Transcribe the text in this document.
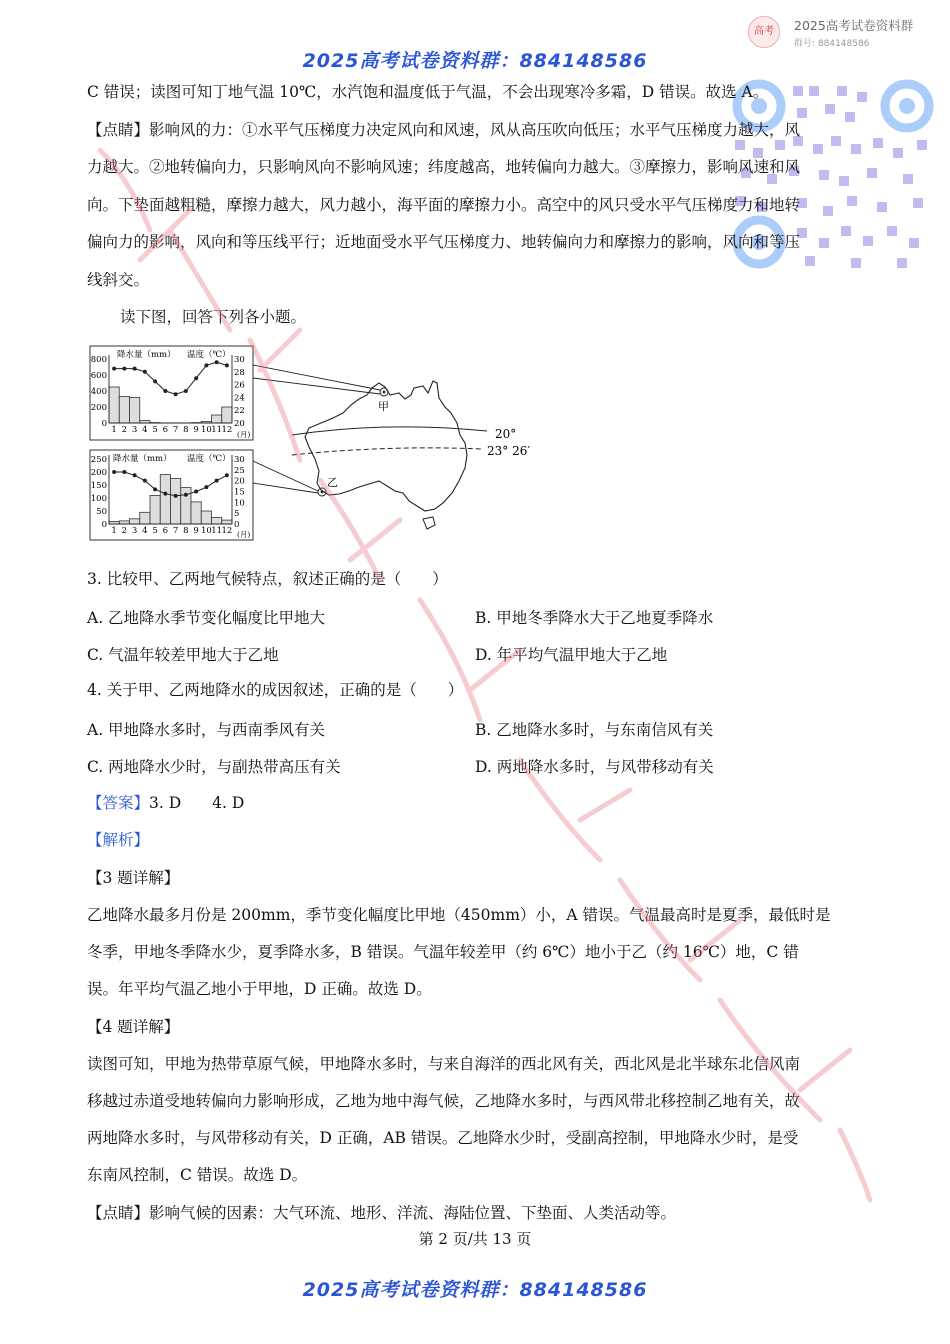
2025高考试卷资料群：884148586
高考	2025高考试卷资料群
群号: 884148586
C 错误；读图可知丁地气温 10℃，水汽饱和温度低于气温，不会出现寒冷多霜，D 错误。故选 A。
【点睛】影响风的力：①水平气压梯度力决定风向和风速，风从高压吹向低压；水平气压梯度力越大，风
力越大。②地转偏向力，只影响风向不影响风速；纬度越高，地转偏向力越大。③摩擦力，影响风速和风
向。下垫面越粗糙，摩擦力越大，风力越小，海平面的摩擦力小。高空中的风只受水平气压梯度力和地转
偏向力的影响，风向和等压线平行；近地面受水平气压梯度力、地转偏向力和摩擦力的影响，风向和等压
线斜交。
读下图，回答下列各小题。
降水量（mm） 温度（℃）
800
600
400
200
0
30
28
26
24
22
20
1 2 3 4 5 6 7 8 9 10 11 12 (月)
降水量（mm） 温度（℃）
250
200
150
100
50
0
30
25
20
15
10
5
0
1 2 3 4 5 6 7 8 9 10 11 12 (月)
甲
乙
20°
23° 26′
3. 比较甲、乙两地气候特点，叙述正确的是（　　）
A. 乙地降水季节变化幅度比甲地大	B. 甲地冬季降水大于乙地夏季降水
C. 气温年较差甲地大于乙地	D. 年平均气温甲地大于乙地
4. 关于甲、乙两地降水的成因叙述，正确的是（　　）
A. 甲地降水多时，与西南季风有关	B. 乙地降水多时，与东南信风有关
C. 两地降水少时，与副热带高压有关	D. 两地降水多时，与风带移动有关
【答案】3. D　　4. D
【解析】
【3 题详解】
乙地降水最多月份是 200mm，季节变化幅度比甲地（450mm）小，A 错误。气温最高时是夏季，最低时是
冬季，甲地冬季降水少，夏季降水多，B 错误。气温年较差甲（约 6℃）地小于乙（约 16℃）地，C 错
误。年平均气温乙地小于甲地，D 正确。故选 D。
【4 题详解】
读图可知，甲地为热带草原气候，甲地降水多时，与来自海洋的西北风有关，西北风是北半球东北信风南
移越过赤道受地转偏向力影响形成，乙地为地中海气候，乙地降水多时，与西风带北移控制乙地有关，故
两地降水多时，与风带移动有关，D 正确，AB 错误。乙地降水少时，受副高控制，甲地降水少时，是受
东南风控制，C 错误。故选 D。
【点睛】影响气候的因素：大气环流、地形、洋流、海陆位置、下垫面、人类活动等。
第 2 页/共 13 页
2025高考试卷资料群：884148586
